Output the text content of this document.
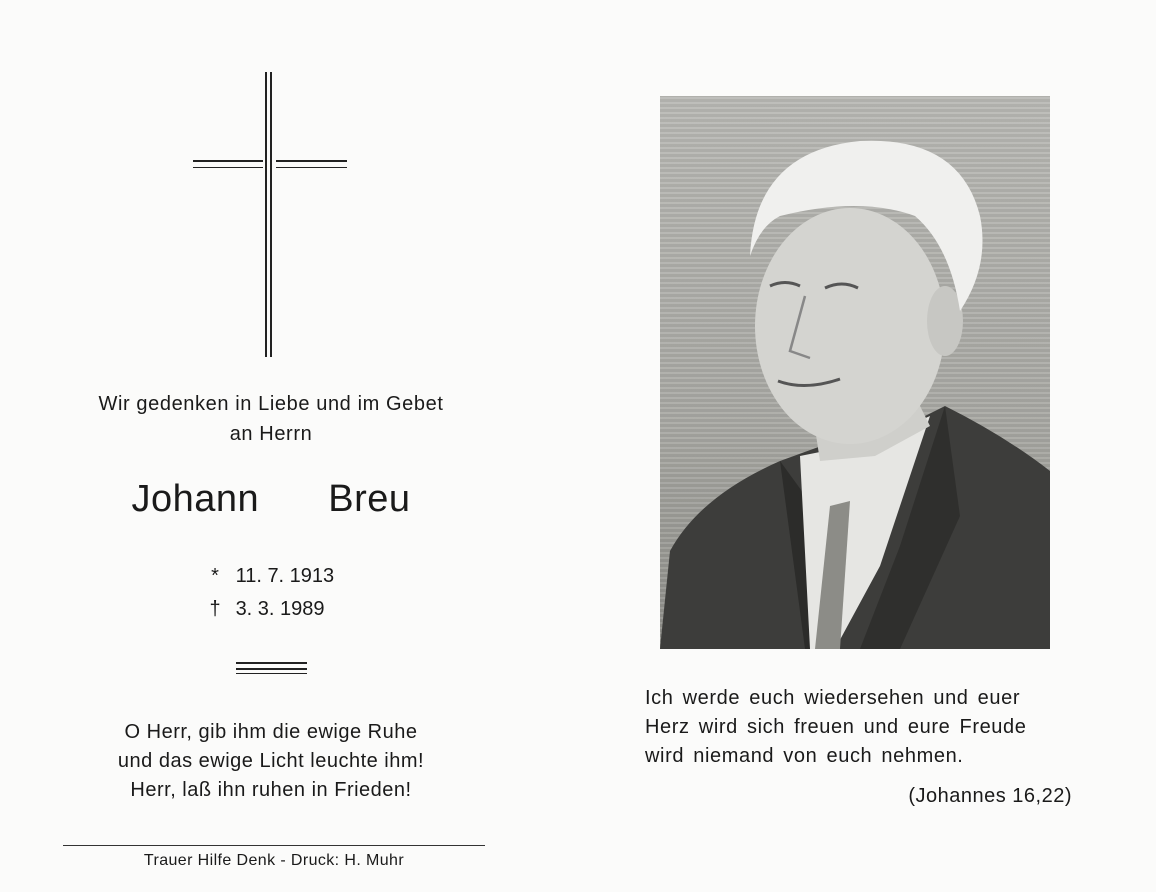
Wir gedenken in Liebe und im Gebet
an Herrn
Johann   Breu
* 11. 7. 1913
† 3. 3. 1989
O Herr, gib ihm die ewige Ruhe
und das ewige Licht leuchte ihm!
Herr, laß ihn ruhen in Frieden!
Trauer Hilfe Denk - Druck: H. Muhr
Ich werde euch wiedersehen und euer
Herz wird sich freuen und eure Freude
wird niemand von euch nehmen.
(Johannes 16,22)
